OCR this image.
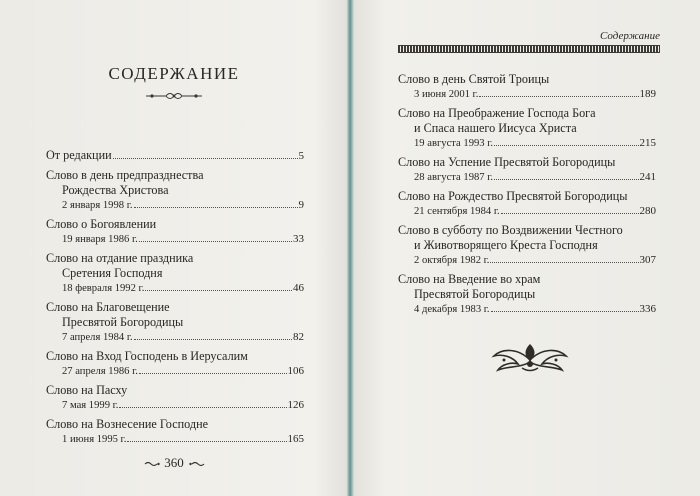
СОДЕРЖАНИЕ
От редакции	5
Слово в день предпразднества
Рождества Христова
2 января 1998 г.	9
Слово о Богоявлении
19 января 1986 г.	33
Слово на отдание праздника
Сретения Господня
18 февраля 1992 г.	46
Слово на Благовещение
Пресвятой Богородицы
7 апреля 1984 г.	82
Слово на Вход Господень в Иерусалим
27 апреля 1986 г.	106
Слово на Пасху
7 мая 1999 г.	126
Слово на Вознесение Господне
1 июня 1995 г.	165
Содержание
Слово в день Святой Троицы
3 июня 2001 г.	189
Слово на Преображение Господа Бога
и Спаса нашего Иисуса Христа
19 августа 1993 г.	215
Слово на Успение Пресвятой Богородицы
28 августа 1987 г.	241
Слово на Рождество Пресвятой Богородицы
21 сентября 1984 г.	280
Слово в субботу по Воздвижении Честного
и Животворящего Креста Господня
2 октября 1982 г.	307
Слово на Введение во храм
Пресвятой Богородицы
4 декабря 1983 г.	336
360
